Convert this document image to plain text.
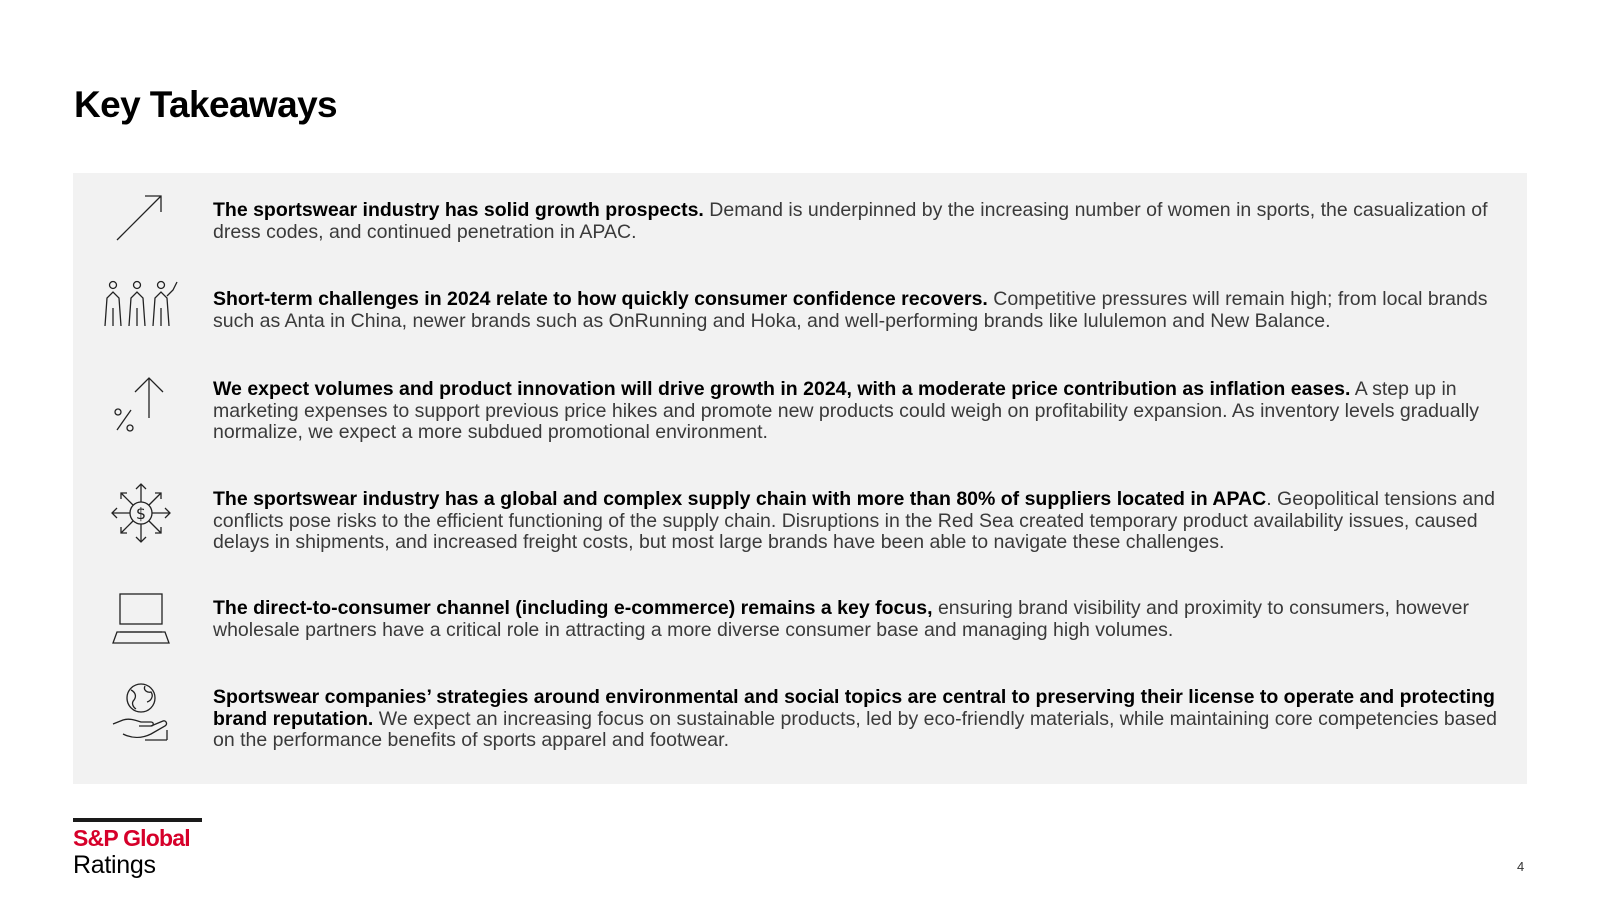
Key Takeaways
The sportswear industry has solid growth prospects. Demand is underpinned by the increasing number of women in sports, the casualization of dress codes, and continued penetration in APAC.
Short-term challenges in 2024 relate to how quickly consumer confidence recovers. Competitive pressures will remain high; from local brands such as Anta in China, newer brands such as OnRunning and Hoka, and well-performing brands like lululemon and New Balance.
We expect volumes and product innovation will drive growth in 2024, with a moderate price contribution as inflation eases. A step up in marketing expenses to support previous price hikes and promote new products could weigh on profitability expansion. As inventory levels gradually normalize, we expect a more subdued promotional environment.
$
The sportswear industry has a global and complex supply chain with more than 80% of suppliers located in APAC. Geopolitical tensions and conflicts pose risks to the efficient functioning of the supply chain. Disruptions in the Red Sea created temporary product availability issues, caused delays in shipments, and increased freight costs, but most large brands have been able to navigate these challenges.
The direct-to-consumer channel (including e-commerce) remains a key focus, ensuring brand visibility and proximity to consumers, however wholesale partners have a critical role in attracting a more diverse consumer base and managing high volumes.
Sportswear companies’ strategies around environmental and social topics are central to preserving their license to operate and protecting brand reputation. We expect an increasing focus on sustainable products, led by eco-friendly materials, while maintaining core competencies based on the performance benefits of sports apparel and footwear.
S&P Global
Ratings	4
